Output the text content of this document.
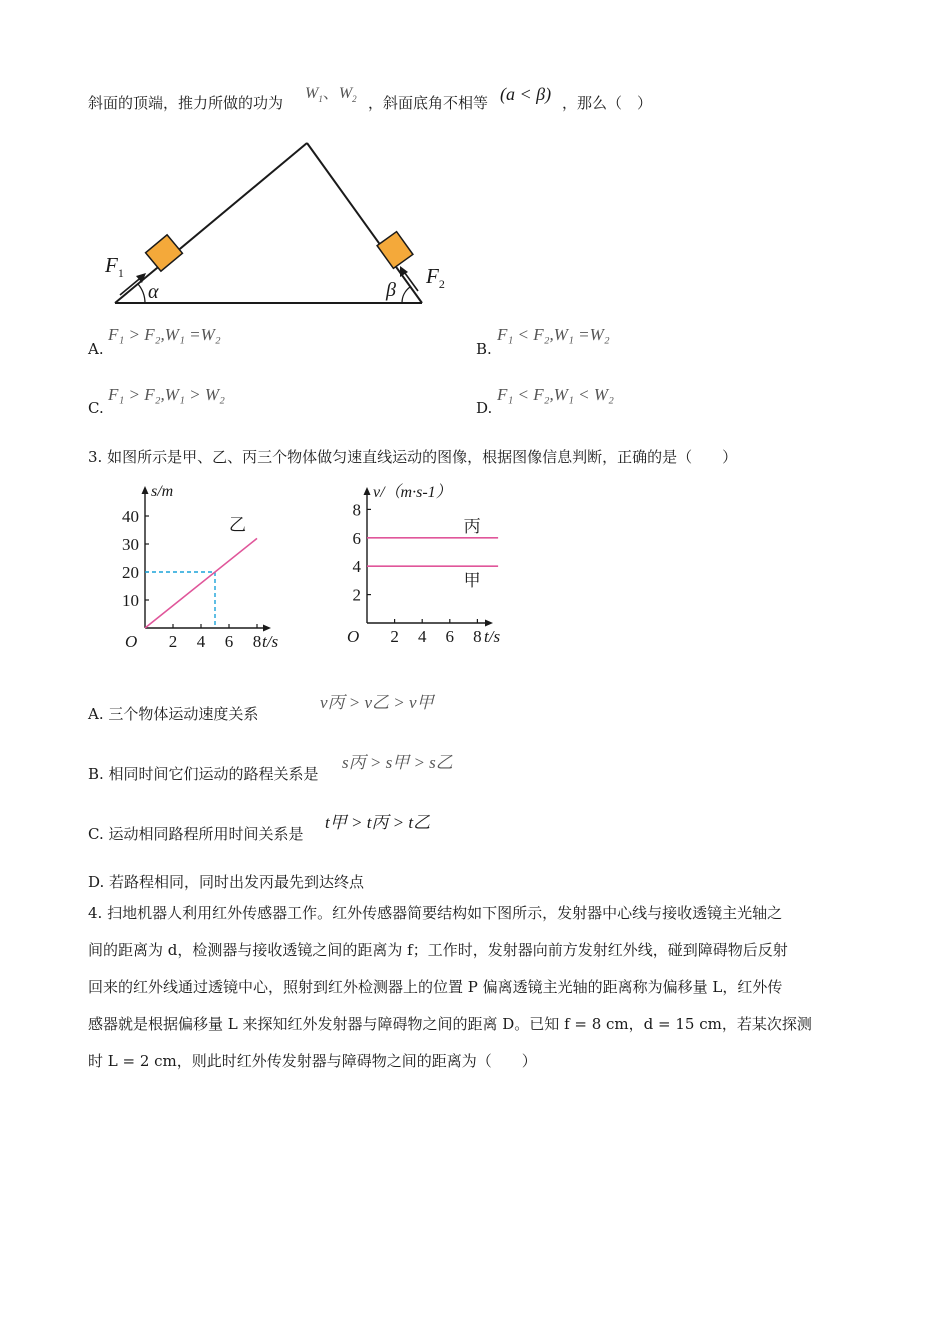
斜面的顶端，推力所做的功为
$W_1$、$W_2$ ，斜面底角不相等 (a < β) ，那么（　）
$F_1$	$F_2$
α	β
A.
F₁ > F₂,W₁ =W₂
B.
F₁ < F₂,W₁ =W₂
C.
F₁ > F₂,W₁ > W₂
D.
F₁ < F₂,W₁ < W₂
3. 如图所示是甲、乙、丙三个物体做匀速直线运动的图像，根据图像信息判断，正确的是（　　）
2 4 6 8
10
20
30
40
O	t/s
s/m
乙
2 4 6 8
2
4
6
8
O	t/s
v/（m·s-1）
丙
甲
A. 三个物体运动速度关系
v丙 > v乙 > v甲
B. 相同时间它们运动的路程关系是
s丙 > s甲 > s乙
C. 运动相同路程所用时间关系是
t甲 > t丙 > t乙
D. 若路程相同，同时出发丙最先到达终点
4. 扫地机器人利用红外传感器工作。红外传感器简要结构如下图所示，发射器中心线与接收透镜主光轴之
间的距离为 d，检测器与接收透镜之间的距离为 f；工作时，发射器向前方发射红外线，碰到障碍物后反射
回来的红外线通过透镜中心，照射到红外检测器上的位置 P 偏离透镜主光轴的距离称为偏移量 L，红外传
感器就是根据偏移量 L 来探知红外发射器与障碍物之间的距离 D。已知 f = 8 cm，d = 15 cm，若某次探测
时 L = 2 cm，则此时红外传发射器与障碍物之间的距离为（　　）
